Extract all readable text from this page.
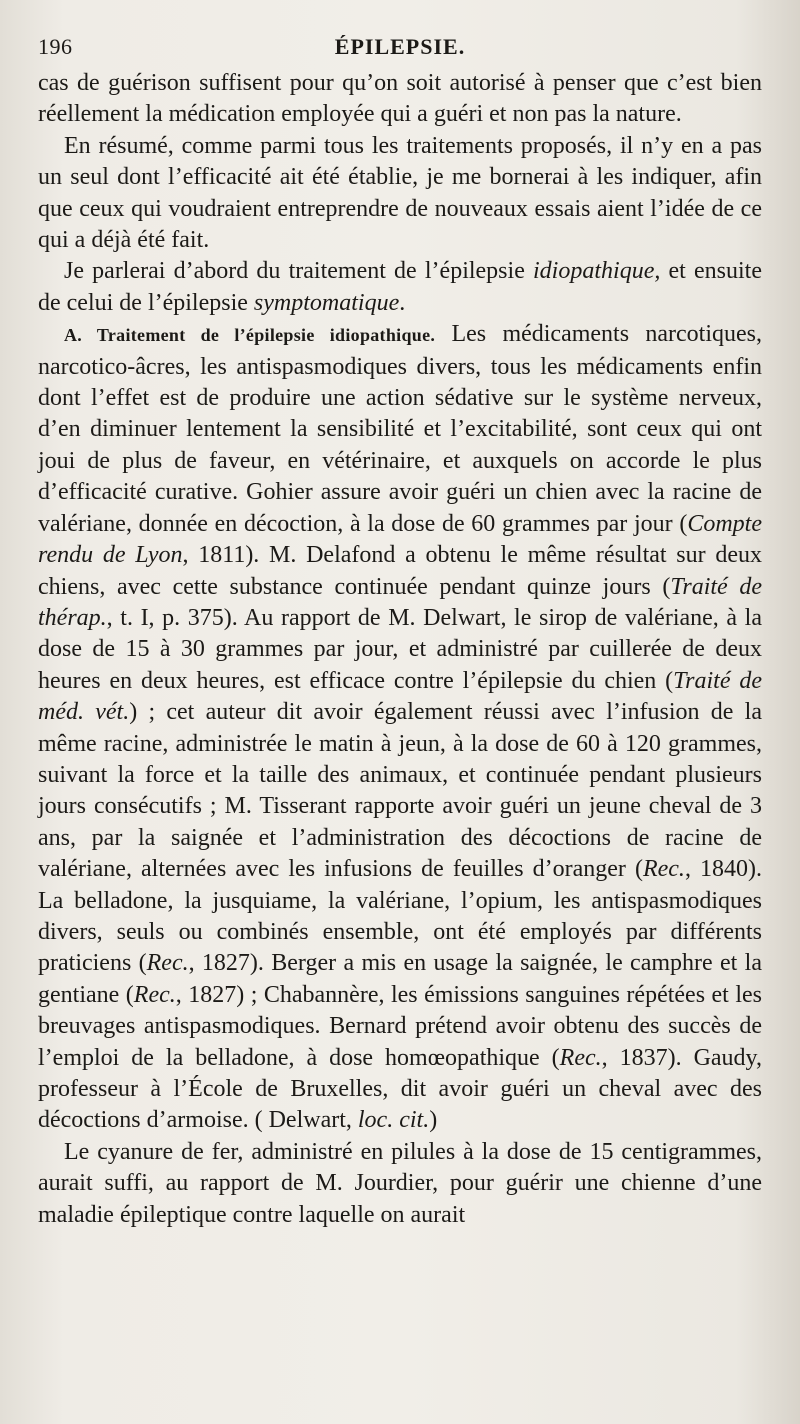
196	ÉPILEPSIE.

cas de guérison suffisent pour qu’on soit autorisé à penser que c’est bien réellement la médication employée qui a guéri et non pas la nature.

En résumé, comme parmi tous les traitements proposés, il n’y en a pas un seul dont l’efficacité ait été établie, je me bornerai à les indiquer, afin que ceux qui voudraient entreprendre de nouveaux essais aient l’idée de ce qui a déjà été fait.

Je parlerai d’abord du traitement de l’épilepsie idiopathique, et ensuite de celui de l’épilepsie symptomatique.

A. Traitement de l’épilepsie idiopathique. Les médicaments narcotiques, narcotico-âcres, les antispasmodiques divers, tous les médicaments enfin dont l’effet est de produire une action sédative sur le système nerveux, d’en diminuer lentement la sensibilité et l’excitabilité, sont ceux qui ont joui de plus de faveur, en vétérinaire, et auxquels on accorde le plus d’efficacité curative. Gohier assure avoir guéri un chien avec la racine de valériane, donnée en décoction, à la dose de 60 grammes par jour (Compte rendu de Lyon, 1811). M. Delafond a obtenu le même résultat sur deux chiens, avec cette substance continuée pendant quinze jours (Traité de thérap., t. I, p. 375). Au rapport de M. Delwart, le sirop de valériane, à la dose de 15 à 30 grammes par jour, et administré par cuillerée de deux heures en deux heures, est efficace contre l’épilepsie du chien (Traité de méd. vét.) ; cet auteur dit avoir également réussi avec l’infusion de la même racine, administrée le matin à jeun, à la dose de 60 à 120 grammes, suivant la force et la taille des animaux, et continuée pendant plusieurs jours consécutifs ; M. Tisserant rapporte avoir guéri un jeune cheval de 3 ans, par la saignée et l’administration des décoctions de racine de valériane, alternées avec les infusions de feuilles d’oranger (Rec., 1840). La belladone, la jusquiame, la valériane, l’opium, les antispasmodiques divers, seuls ou combinés ensemble, ont été employés par différents praticiens (Rec., 1827). Berger a mis en usage la saignée, le camphre et la gentiane (Rec., 1827) ; Chabannère, les émissions sanguines répétées et les breuvages antispasmodiques. Bernard prétend avoir obtenu des succès de l’emploi de la belladone, à dose homœopathique (Rec., 1837). Gaudy, professeur à l’École de Bruxelles, dit avoir guéri un cheval avec des décoctions d’armoise. ( Delwart, loc. cit.)

Le cyanure de fer, administré en pilules à la dose de 15 centigrammes, aurait suffi, au rapport de M. Jourdier, pour guérir une chienne d’une maladie épileptique contre laquelle on aurait
